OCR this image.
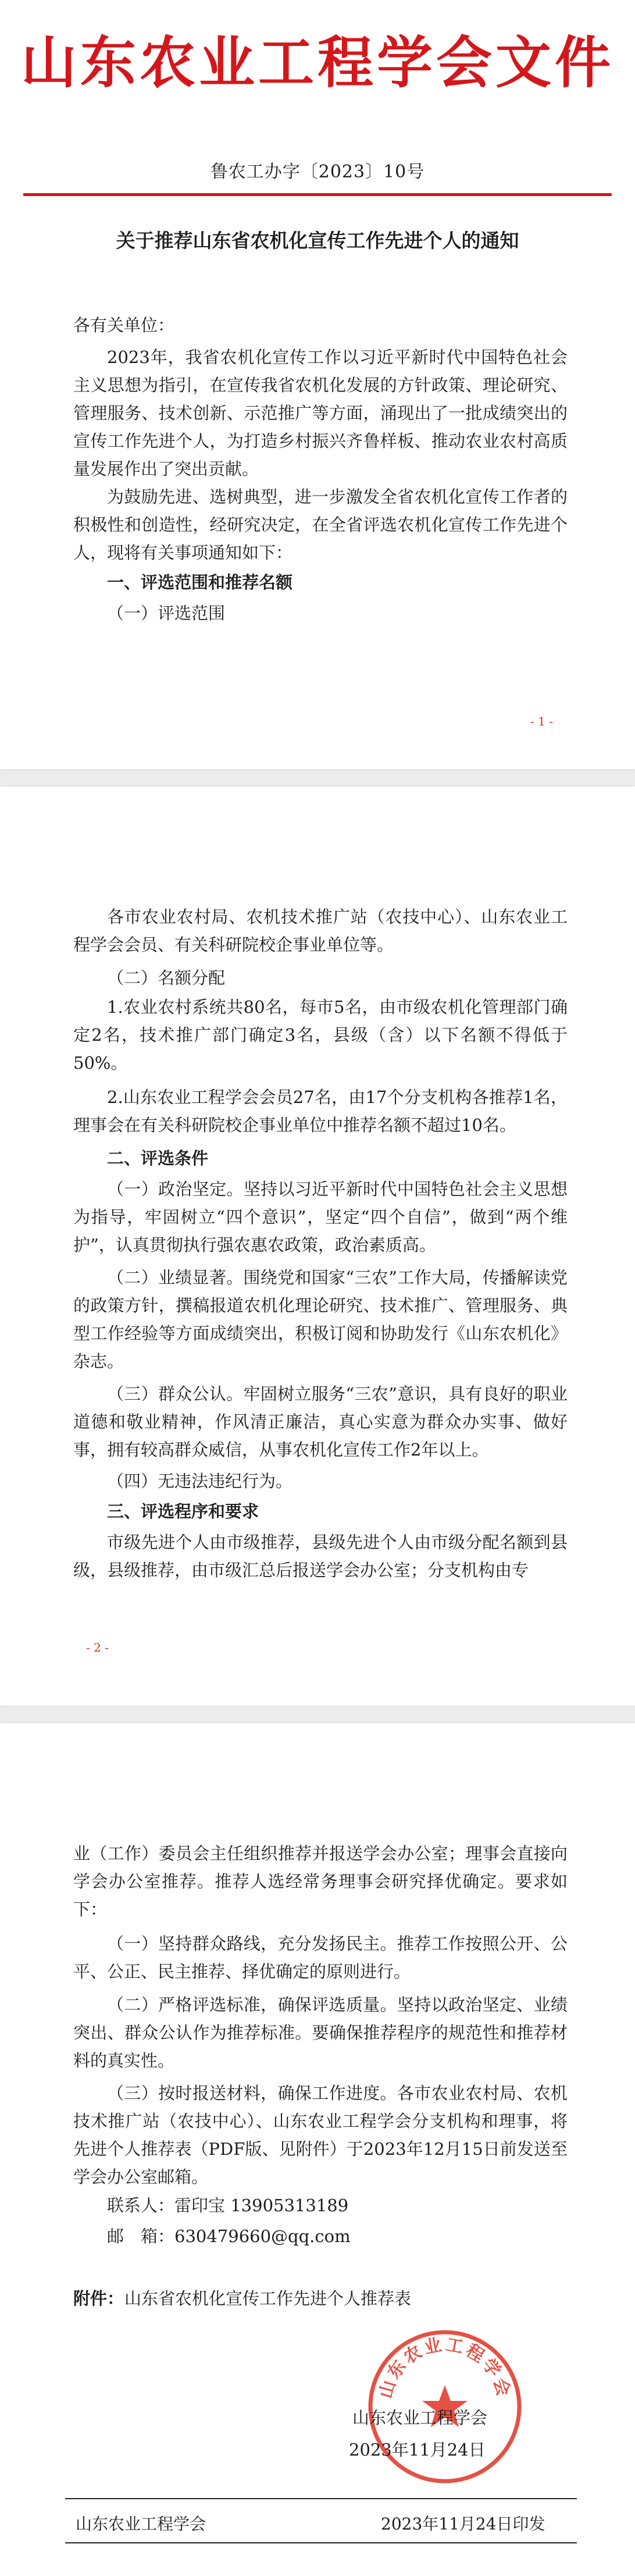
山东农业工程学会文件
鲁农工办字〔2023〕10号
关于推荐山东省农机化宣传工作先进个人的通知
各有关单位：
2023年，我省农机化宣传工作以习近平新时代中国特色社会主义思想为指引，在宣传我省农机化发展的方针政策、理论研究、管理服务、技术创新、示范推广等方面，涌现出了一批成绩突出的宣传工作先进个人，为打造乡村振兴齐鲁样板、推动农业农村高质量发展作出了突出贡献。
为鼓励先进、选树典型，进一步激发全省农机化宣传工作者的积极性和创造性，经研究决定，在全省评选农机化宣传工作先进个人，现将有关事项通知如下：
一、评选范围和推荐名额
（一）评选范围
- 1 -
各市农业农村局、农机技术推广站（农技中心）、山东农业工程学会会员、有关科研院校企事业单位等。
（二）名额分配
1.农业农村系统共80名，每市5名，由市级农机化管理部门确定2名，技术推广部门确定3名，县级（含）以下名额不得低于50%。
2.山东农业工程学会会员27名，由17个分支机构各推荐1名，理事会在有关科研院校企事业单位中推荐名额不超过10名。
二、评选条件
（一）政治坚定。坚持以习近平新时代中国特色社会主义思想为指导，牢固树立“四个意识”，坚定“四个自信”，做到“两个维护”，认真贯彻执行强农惠农政策，政治素质高。
（二）业绩显著。围绕党和国家“三农”工作大局，传播解读党的政策方针，撰稿报道农机化理论研究、技术推广、管理服务、典型工作经验等方面成绩突出，积极订阅和协助发行《山东农机化》杂志。
（三）群众公认。牢固树立服务“三农”意识，具有良好的职业道德和敬业精神，作风清正廉洁，真心实意为群众办实事、做好事，拥有较高群众威信，从事农机化宣传工作2年以上。
（四）无违法违纪行为。
三、评选程序和要求
市级先进个人由市级推荐，县级先进个人由市级分配名额到县级，县级推荐，由市级汇总后报送学会办公室；分支机构由专
- 2 -
业（工作）委员会主任组织推荐并报送学会办公室；理事会直接向学会办公室推荐。推荐人选经常务理事会研究择优确定。要求如下：
（一）坚持群众路线，充分发扬民主。推荐工作按照公开、公平、公正、民主推荐、择优确定的原则进行。
（二）严格评选标准，确保评选质量。坚持以政治坚定、业绩突出、群众公认作为推荐标准。要确保推荐程序的规范性和推荐材料的真实性。
（三）按时报送材料，确保工作进度。各市农业农村局、农机技术推广站（农技中心）、山东农业工程学会分支机构和理事，将先进个人推荐表（PDF版、见附件）于2023年12月15日前发送至学会办公室邮箱。
联系人： 雷印宝 13905313189
邮　箱： 630479660@qq.com
附件： 山东省农机化宣传工作先进个人推荐表
山东农业工程学会
山东农业工程学会
2023年11月24日
山东农业工程学会	2023年11月24日印发
